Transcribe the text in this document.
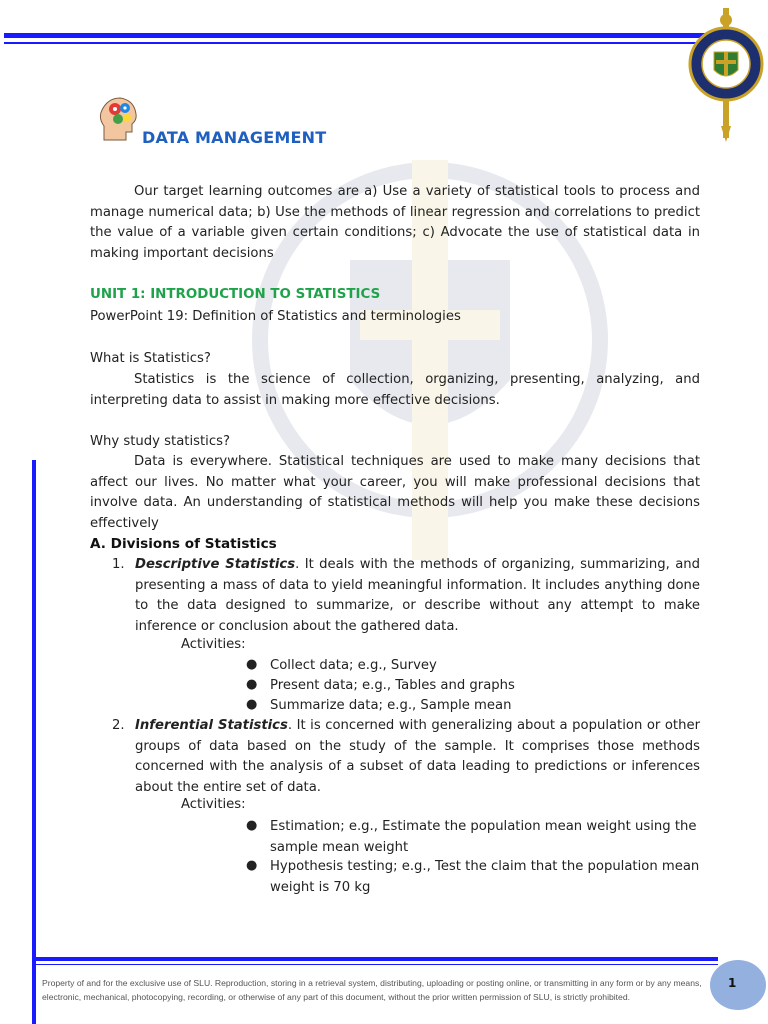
DATA MANAGEMENT
Our target learning outcomes are a) Use a variety of statistical tools to process and manage numerical data; b) Use the methods of linear regression and correlations to predict the value of a variable given certain conditions; c) Advocate the use of statistical data in making important decisions
UNIT 1: INTRODUCTION TO STATISTICS
PowerPoint 19: Definition of Statistics and terminologies
What is Statistics?
Statistics is the science of collection, organizing, presenting, analyzing, and interpreting data to assist in making more effective decisions.
Why study statistics?
Data is everywhere. Statistical techniques are used to make many decisions that affect our lives. No matter what your career, you will make professional decisions that involve data. An understanding of statistical methods will help you make these decisions effectively
A. Divisions of Statistics
1. Descriptive Statistics. It deals with the methods of organizing, summarizing, and presenting a mass of data to yield meaningful information. It includes anything done to the data designed to summarize, or describe without any attempt to make inference or conclusion about the gathered data.
Activities:
● Collect data; e.g., Survey
● Present data; e.g., Tables and graphs
● Summarize data; e.g., Sample mean
2. Inferential Statistics. It is concerned with generalizing about a population or other groups of data based on the study of the sample. It comprises those methods concerned with the analysis of a subset of data leading to predictions or inferences about the entire set of data.
Activities:
● Estimation; e.g., Estimate the population mean weight using the sample mean weight
● Hypothesis testing; e.g., Test the claim that the population mean weight is 70 kg
Property of and for the exclusive use of SLU. Reproduction, storing in a retrieval system, distributing, uploading or posting online, or transmitting in any form or by any means, electronic, mechanical, photocopying, recording, or otherwise of any part of this document, without the prior written permission of SLU, is strictly prohibited.
1
